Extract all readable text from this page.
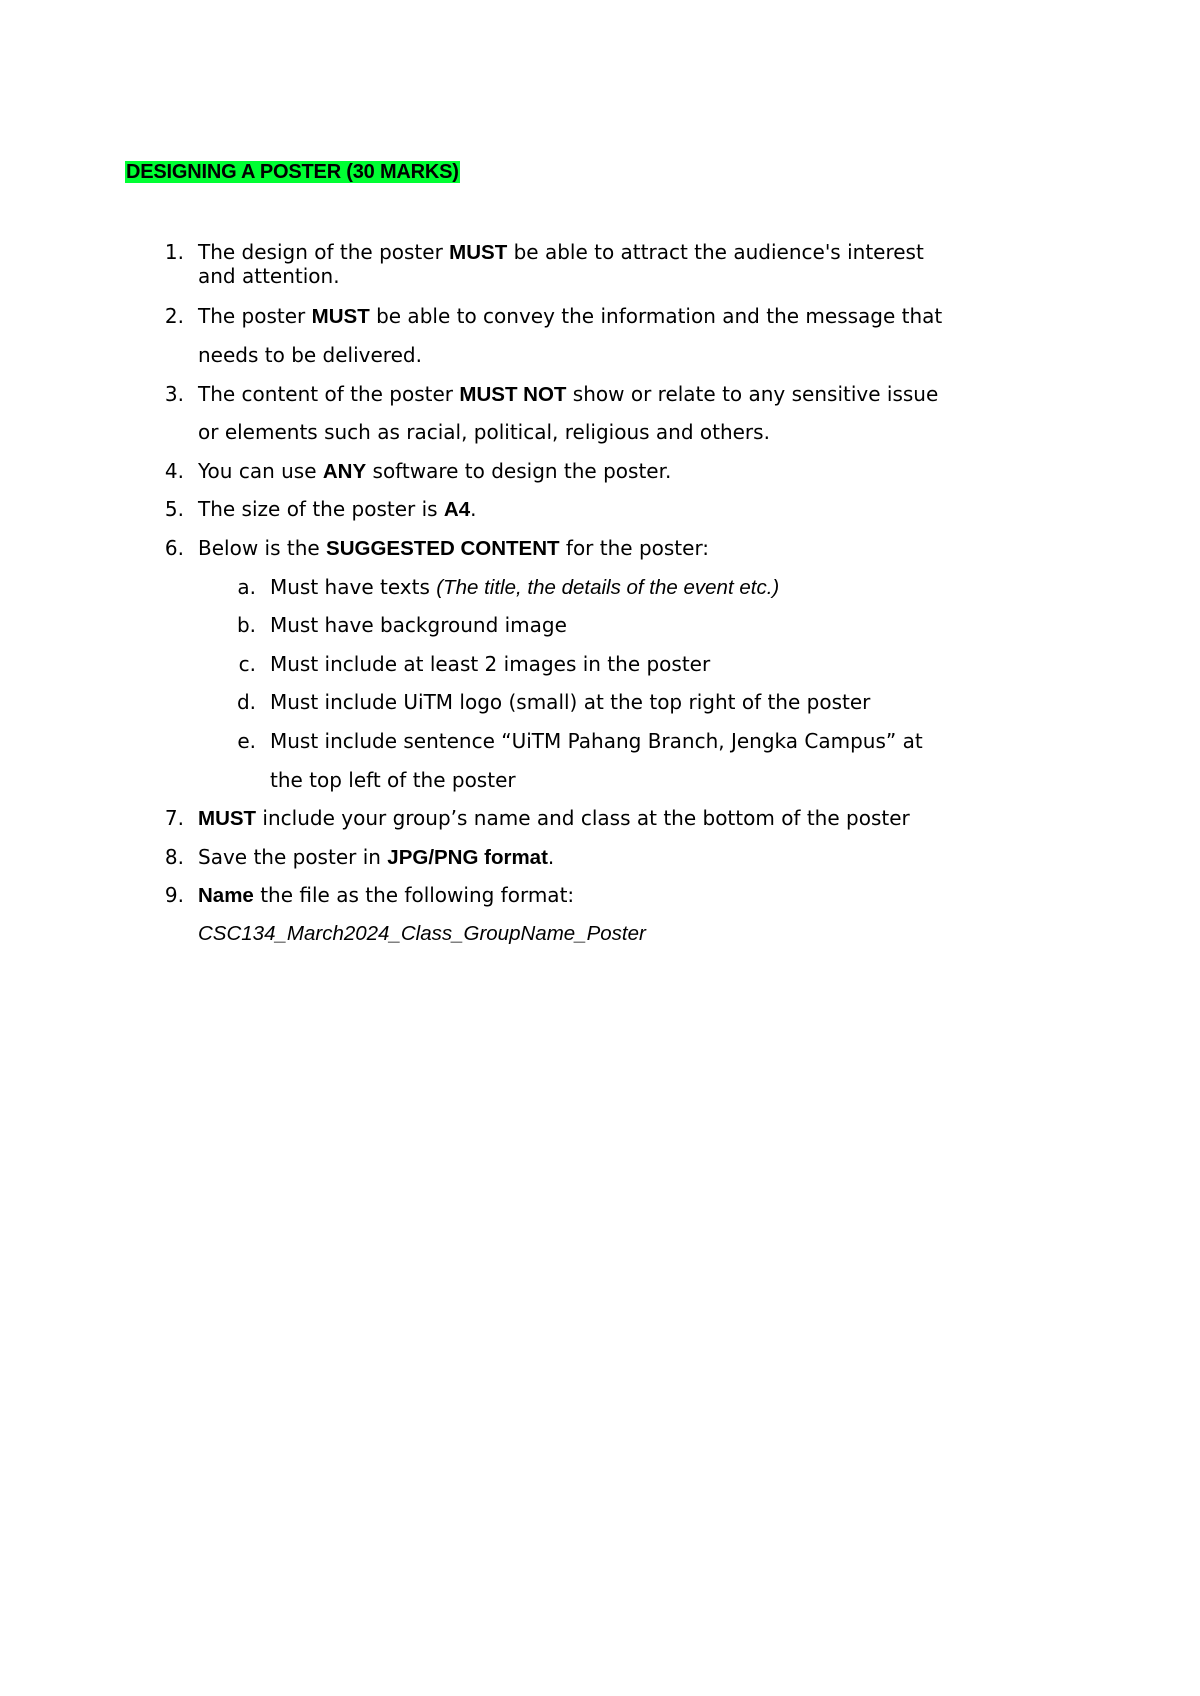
DESIGNING A POSTER (30 MARKS)
1. The design of the poster MUST be able to attract the audience's interest
and attention.
2. The poster MUST be able to convey the information and the message that
needs to be delivered.
3. The content of the poster MUST NOT show or relate to any sensitive issue
or elements such as racial, political, religious and others.
4. You can use ANY software to design the poster.
5. The size of the poster is A4.
6. Below is the SUGGESTED CONTENT for the poster:
a. Must have texts (The title, the details of the event etc.)
b. Must have background image
c. Must include at least 2 images in the poster
d. Must include UiTM logo (small) at the top right of the poster
e. Must include sentence “UiTM Pahang Branch, Jengka Campus” at
the top left of the poster
7. MUST include your group’s name and class at the bottom of the poster
8. Save the poster in JPG/PNG format.
9. Name the file as the following format:
CSC134_March2024_Class_GroupName_Poster
